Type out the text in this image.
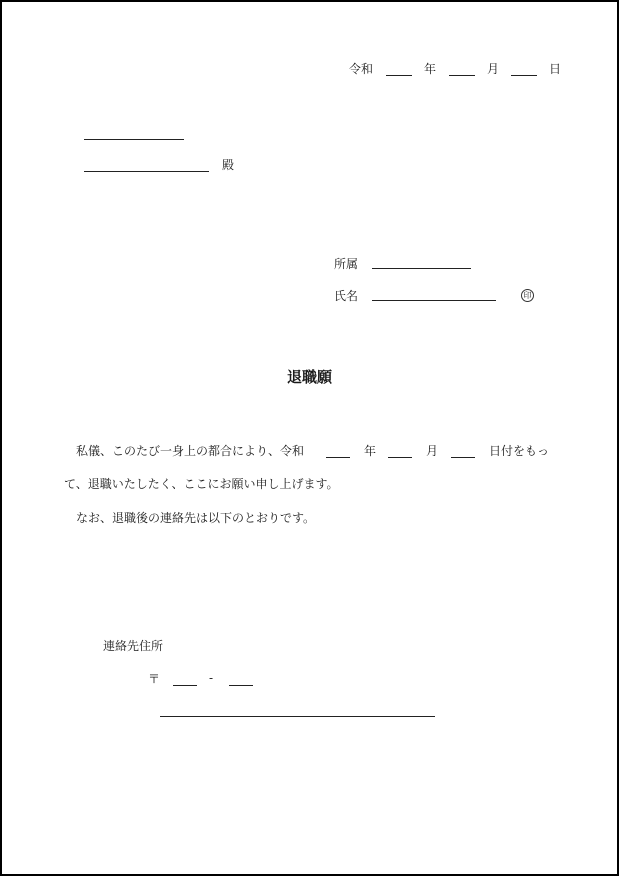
令和	年	月	日
殿
所属
氏名	印
退職願
私儀、このたび一身上の都合により、令和	年	月	日付をもっ
て、退職いたしたく、ここにお願い申し上げます。
なお、退職後の連絡先は以下のとおりです。
連絡先住所
〒	-
